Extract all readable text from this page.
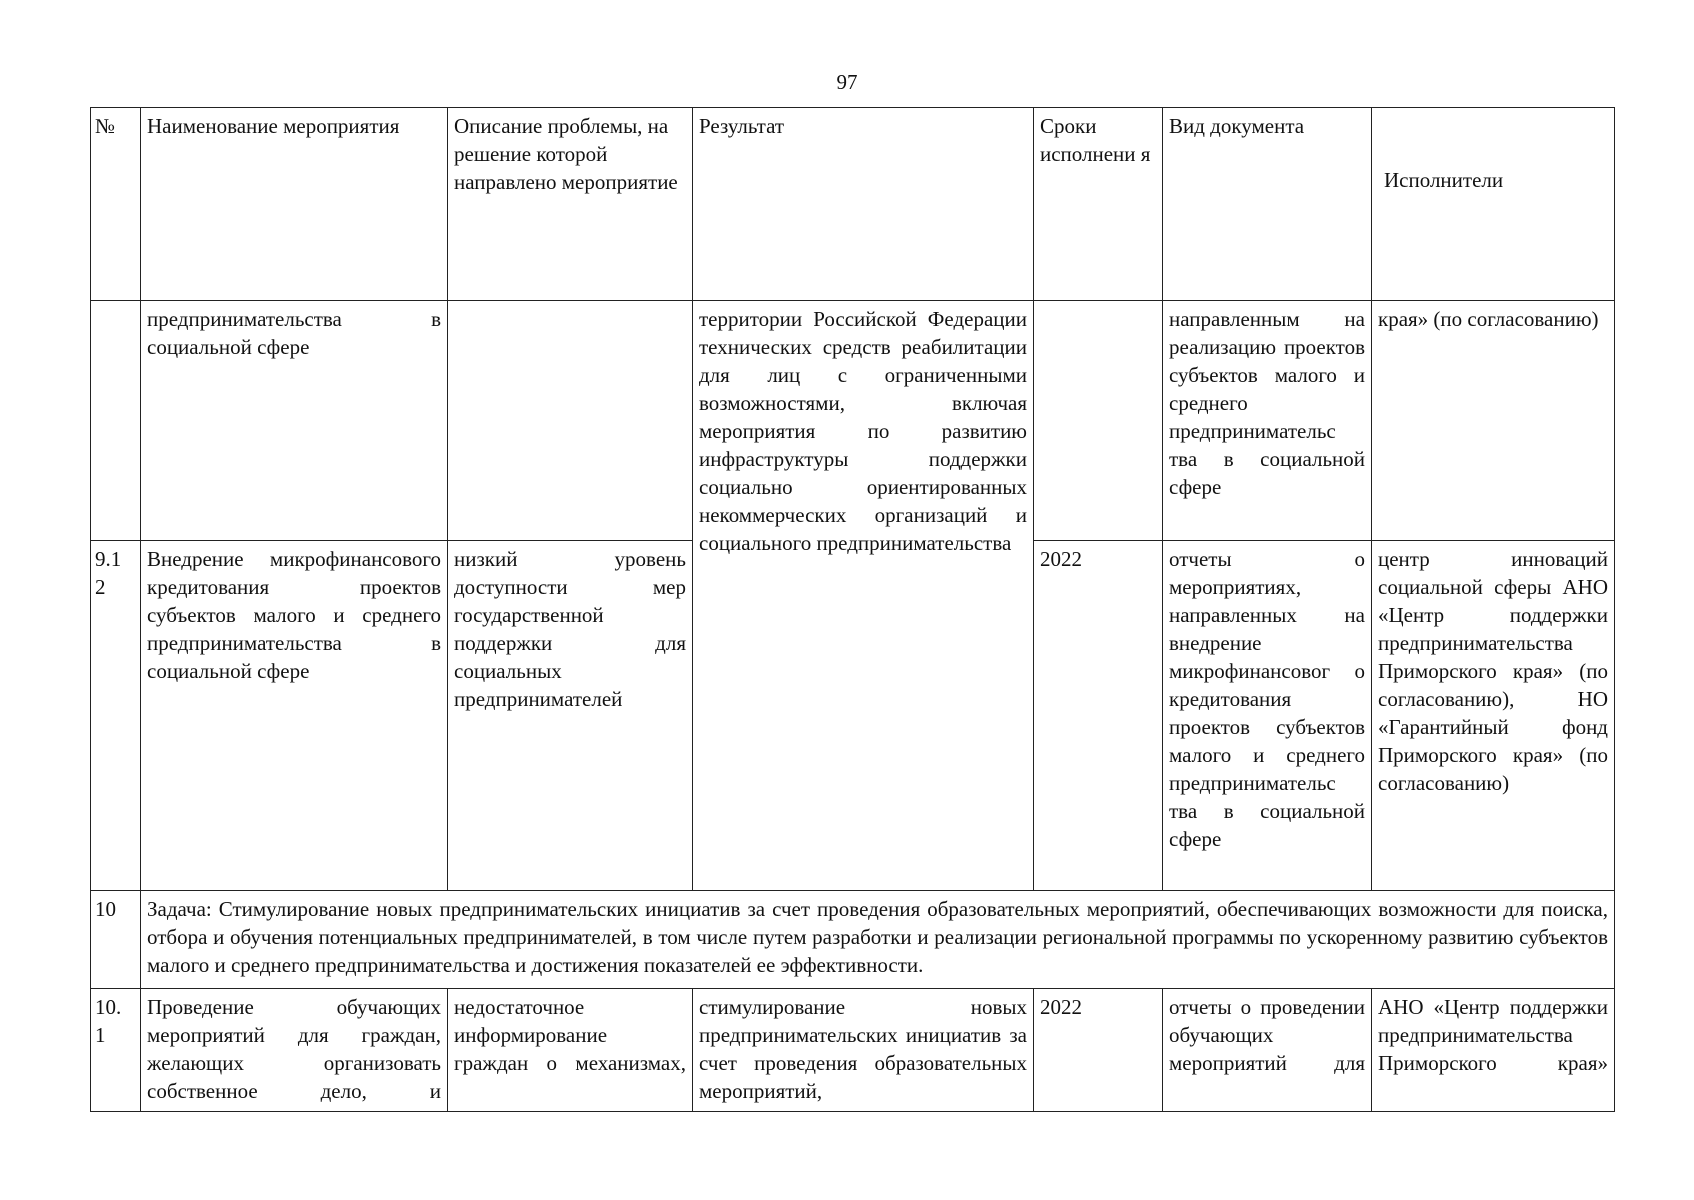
97
№	Наименование мероприятия	Описание проблемы, на решение которой направлено мероприятие	Результат	Сроки исполнени я	Вид документа	Исполнители
	предпринимательства в социальной сфере		территории Российской Федерации технических средств реабилитации для лиц с ограниченными возможностями, включая мероприятия по развитию инфраструктуры поддержки социально ориентированных некоммерческих организаций и социального предпринимательства		направленным на реализацию проектов субъектов малого и среднего предпринимательс тва в социальной сфере	края» (по согласованию)
9.1 2	Внедрение микрофинансового кредитования проектов субъектов малого и среднего предпринимательства в социальной сфере	низкий уровень доступности мер государственной поддержки для социальных предпринимателей		2022	отчеты о мероприятиях, направленных на внедрение микрофинансовог о кредитования проектов субъектов малого и среднего предпринимательс тва в социальной сфере	центр инноваций социальной сферы АНО «Центр поддержки предпринимательства Приморского края» (по согласованию), НО «Гарантийный фонд Приморского края» (по согласованию)
10	Задача: Стимулирование новых предпринимательских инициатив за счет проведения образовательных мероприятий, обеспечивающих возможности для поиска, отбора и обучения потенциальных предпринимателей, в том числе путем разработки и реализации региональной программы по ускоренному развитию субъектов малого и среднего предпринимательства и достижения показателей ее эффективности.					
10. 1	Проведение обучающих мероприятий для граждан, желающих организовать собственное дело, и	недостаточное информирование граждан о механизмах,	стимулирование новых предпринимательских инициатив за счет проведения образовательных мероприятий,	2022	отчеты о проведении обучающих мероприятий для	АНО «Центр поддержки предпринимательства Приморского края»
